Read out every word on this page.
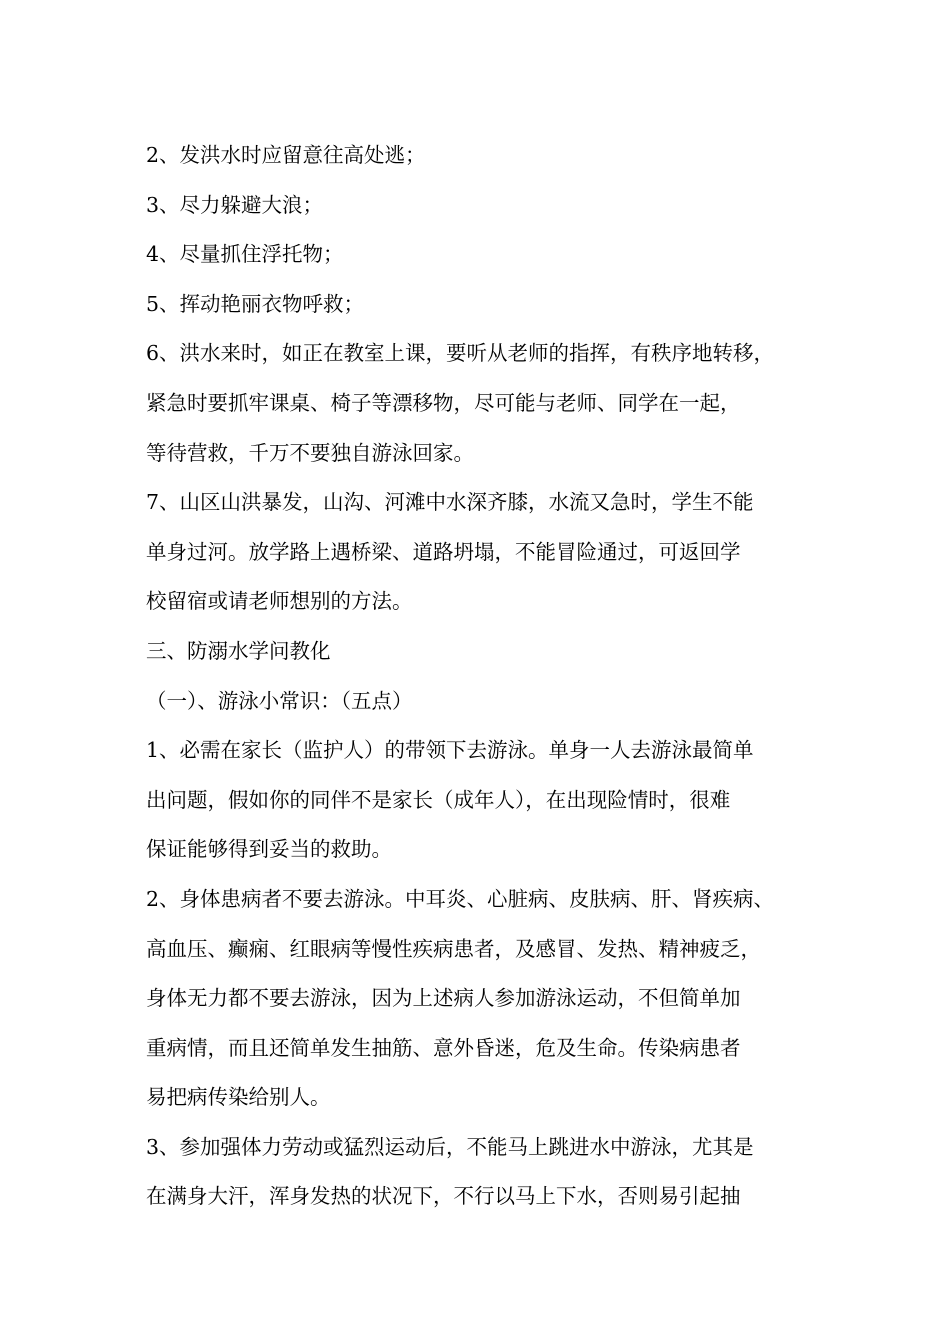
2、发洪水时应留意往高处逃；
3、尽力躲避大浪；
4、尽量抓住浮托物；
5、挥动艳丽衣物呼救；
6、洪水来时，如正在教室上课，要听从老师的指挥，有秩序地转移，
紧急时要抓牢课桌、椅子等漂移物，尽可能与老师、同学在一起，
等待营救，千万不要独自游泳回家。
7、山区山洪暴发，山沟、河滩中水深齐膝，水流又急时，学生不能
单身过河。放学路上遇桥梁、道路坍塌，不能冒险通过，可返回学
校留宿或请老师想别的方法。
三、防溺水学问教化
（一）、游泳小常识：（五点）
1、必需在家长（监护人）的带领下去游泳。单身一人去游泳最简单
出问题，假如你的同伴不是家长（成年人），在出现险情时，很难
保证能够得到妥当的救助。
2、身体患病者不要去游泳。中耳炎、心脏病、皮肤病、肝、肾疾病、
高血压、癫痫、红眼病等慢性疾病患者，及感冒、发热、精神疲乏，
身体无力都不要去游泳，因为上述病人参加游泳运动，不但简单加
重病情，而且还简单发生抽筋、意外昏迷，危及生命。传染病患者
易把病传染给别人。
3、参加强体力劳动或猛烈运动后，不能马上跳进水中游泳，尤其是
在满身大汗，浑身发热的状况下，不行以马上下水，否则易引起抽
